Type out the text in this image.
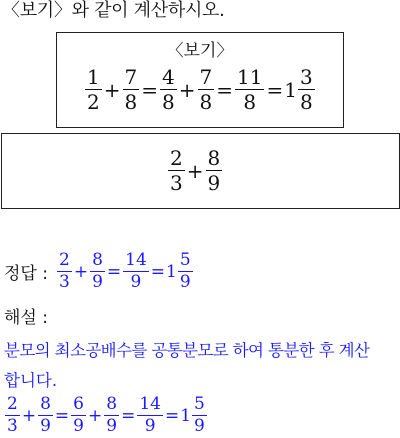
〈보기〉와 같이 계산하시오.
〈보기〉
$\frac{1}{2} + \frac{7}{8} = \frac{4}{8} + \frac{7}{8} = \frac{11}{8} = 1 \frac{3}{8}$
$\frac{2}{3} + \frac{8}{9}$
정답 : $\frac{2}{3} + \frac{8}{9} = \frac{14}{9} = 1 \frac{5}{9}$
해설 :
분모의 최소공배수를 공통분모로 하여 통분한 후 계산
합니다.
$\frac{2}{3} + \frac{8}{9} = \frac{6}{9} + \frac{8}{9} = \frac{14}{9} = 1 \frac{5}{9}$
